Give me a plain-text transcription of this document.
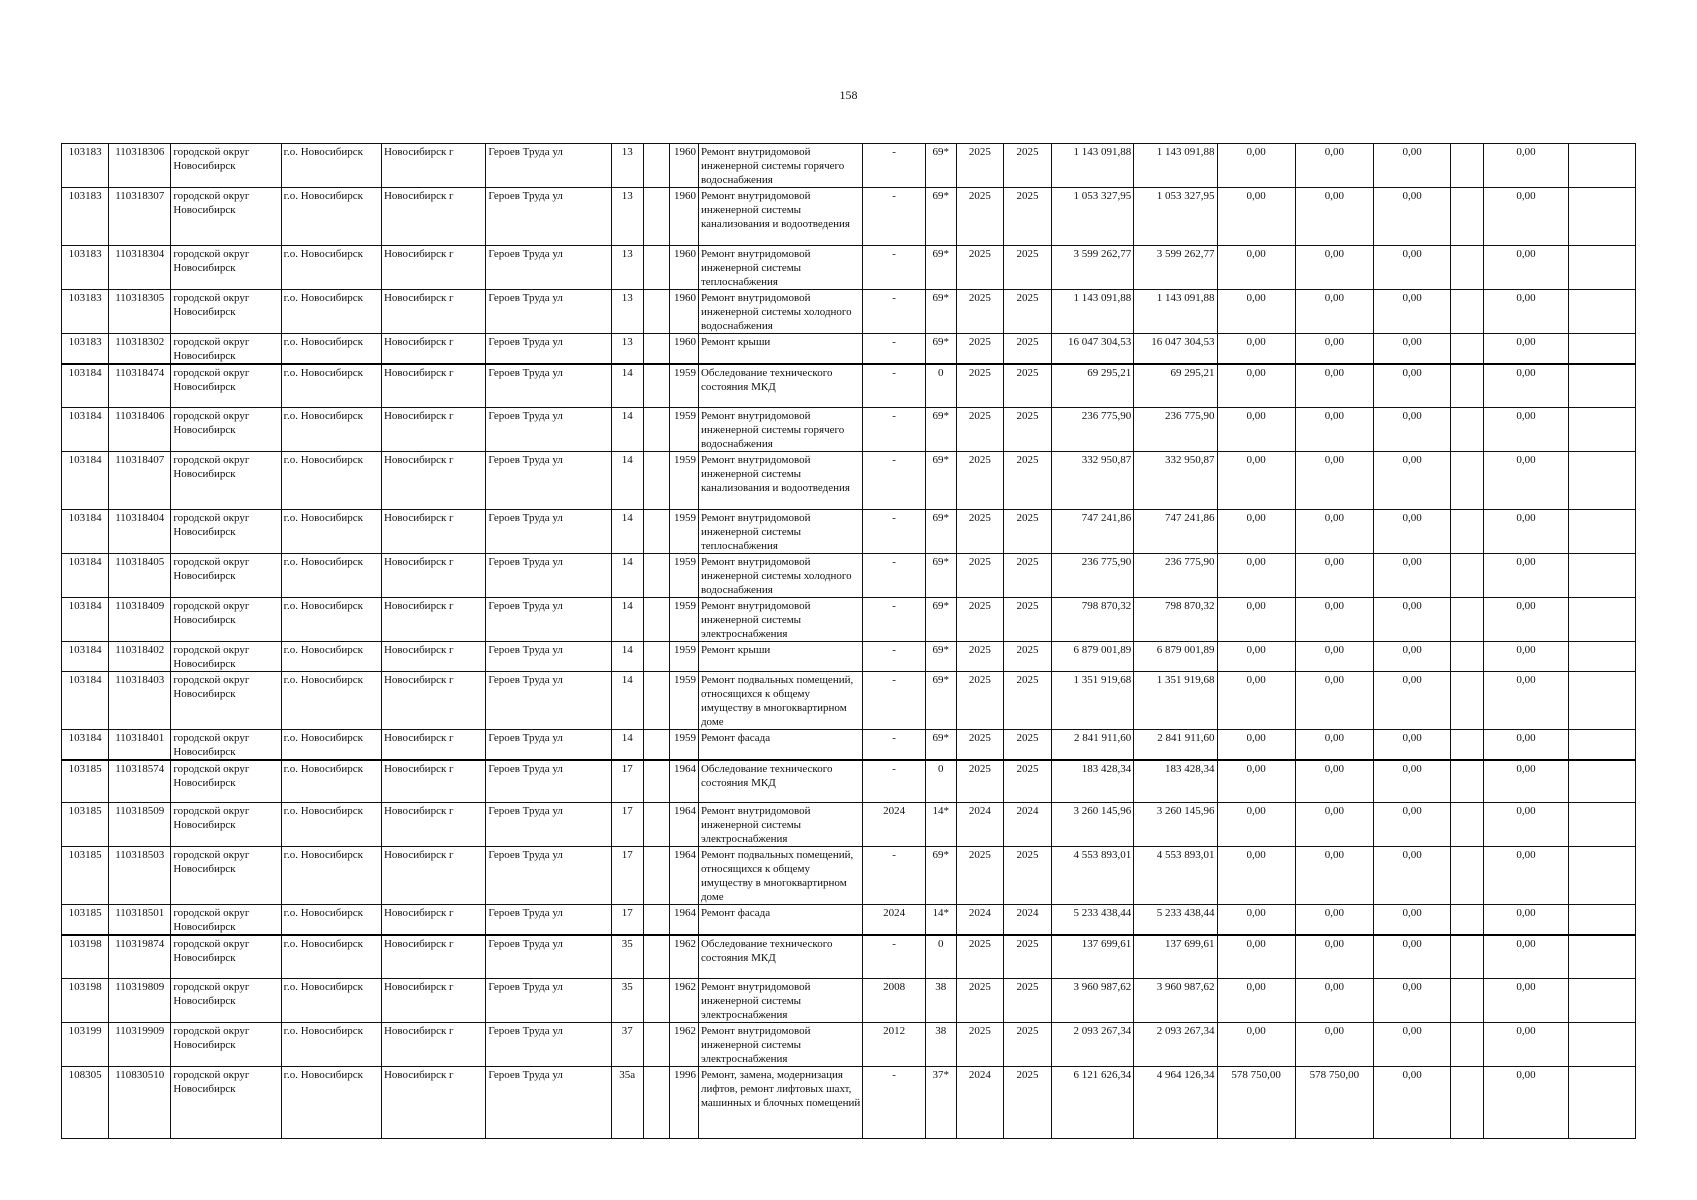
158
103183	110318306	городской округ Новосибирск	г.о. Новосибирск	Новосибирск г	Героев Труда ул	13		1960	Ремонт внутридомовой инженерной системы горячего водоснабжения	-	69*	2025	2025	1 143 091,88	1 143 091,88	0,00	0,00	0,00		0,00	
103183	110318307	городской округ Новосибирск	г.о. Новосибирск	Новосибирск г	Героев Труда ул	13		1960	Ремонт внутридомовой инженерной системы канализования и водоотведения	-	69*	2025	2025	1 053 327,95	1 053 327,95	0,00	0,00	0,00		0,00	
103183	110318304	городской округ Новосибирск	г.о. Новосибирск	Новосибирск г	Героев Труда ул	13		1960	Ремонт внутридомовой инженерной системы теплоснабжения	-	69*	2025	2025	3 599 262,77	3 599 262,77	0,00	0,00	0,00		0,00	
103183	110318305	городской округ Новосибирск	г.о. Новосибирск	Новосибирск г	Героев Труда ул	13		1960	Ремонт внутридомовой инженерной системы холодного водоснабжения	-	69*	2025	2025	1 143 091,88	1 143 091,88	0,00	0,00	0,00		0,00	
103183	110318302	городской округ Новосибирск	г.о. Новосибирск	Новосибирск г	Героев Труда ул	13		1960	Ремонт крыши	-	69*	2025	2025	16 047 304,53	16 047 304,53	0,00	0,00	0,00		0,00	
103184	110318474	городской округ Новосибирск	г.о. Новосибирск	Новосибирск г	Героев Труда ул	14		1959	Обследование технического состояния МКД	-	0	2025	2025	69 295,21	69 295,21	0,00	0,00	0,00		0,00	
103184	110318406	городской округ Новосибирск	г.о. Новосибирск	Новосибирск г	Героев Труда ул	14		1959	Ремонт внутридомовой инженерной системы горячего водоснабжения	-	69*	2025	2025	236 775,90	236 775,90	0,00	0,00	0,00		0,00	
103184	110318407	городской округ Новосибирск	г.о. Новосибирск	Новосибирск г	Героев Труда ул	14		1959	Ремонт внутридомовой инженерной системы канализования и водоотведения	-	69*	2025	2025	332 950,87	332 950,87	0,00	0,00	0,00		0,00	
103184	110318404	городской округ Новосибирск	г.о. Новосибирск	Новосибирск г	Героев Труда ул	14		1959	Ремонт внутридомовой инженерной системы теплоснабжения	-	69*	2025	2025	747 241,86	747 241,86	0,00	0,00	0,00		0,00	
103184	110318405	городской округ Новосибирск	г.о. Новосибирск	Новосибирск г	Героев Труда ул	14		1959	Ремонт внутридомовой инженерной системы холодного водоснабжения	-	69*	2025	2025	236 775,90	236 775,90	0,00	0,00	0,00		0,00	
103184	110318409	городской округ Новосибирск	г.о. Новосибирск	Новосибирск г	Героев Труда ул	14		1959	Ремонт внутридомовой инженерной системы электроснабжения	-	69*	2025	2025	798 870,32	798 870,32	0,00	0,00	0,00		0,00	
103184	110318402	городской округ Новосибирск	г.о. Новосибирск	Новосибирск г	Героев Труда ул	14		1959	Ремонт крыши	-	69*	2025	2025	6 879 001,89	6 879 001,89	0,00	0,00	0,00		0,00	
103184	110318403	городской округ Новосибирск	г.о. Новосибирск	Новосибирск г	Героев Труда ул	14		1959	Ремонт подвальных помещений, относящихся к общему имуществу в многоквартирном доме	-	69*	2025	2025	1 351 919,68	1 351 919,68	0,00	0,00	0,00		0,00	
103184	110318401	городской округ Новосибирск	г.о. Новосибирск	Новосибирск г	Героев Труда ул	14		1959	Ремонт фасада	-	69*	2025	2025	2 841 911,60	2 841 911,60	0,00	0,00	0,00		0,00	
103185	110318574	городской округ Новосибирск	г.о. Новосибирск	Новосибирск г	Героев Труда ул	17		1964	Обследование технического состояния МКД	-	0	2025	2025	183 428,34	183 428,34	0,00	0,00	0,00		0,00	
103185	110318509	городской округ Новосибирск	г.о. Новосибирск	Новосибирск г	Героев Труда ул	17		1964	Ремонт внутридомовой инженерной системы электроснабжения	2024	14*	2024	2024	3 260 145,96	3 260 145,96	0,00	0,00	0,00		0,00	
103185	110318503	городской округ Новосибирск	г.о. Новосибирск	Новосибирск г	Героев Труда ул	17		1964	Ремонт подвальных помещений, относящихся к общему имуществу в многоквартирном доме	-	69*	2025	2025	4 553 893,01	4 553 893,01	0,00	0,00	0,00		0,00	
103185	110318501	городской округ Новосибирск	г.о. Новосибирск	Новосибирск г	Героев Труда ул	17		1964	Ремонт фасада	2024	14*	2024	2024	5 233 438,44	5 233 438,44	0,00	0,00	0,00		0,00	
103198	110319874	городской округ Новосибирск	г.о. Новосибирск	Новосибирск г	Героев Труда ул	35		1962	Обследование технического состояния МКД	-	0	2025	2025	137 699,61	137 699,61	0,00	0,00	0,00		0,00	
103198	110319809	городской округ Новосибирск	г.о. Новосибирск	Новосибирск г	Героев Труда ул	35		1962	Ремонт внутридомовой инженерной системы электроснабжения	2008	38	2025	2025	3 960 987,62	3 960 987,62	0,00	0,00	0,00		0,00	
103199	110319909	городской округ Новосибирск	г.о. Новосибирск	Новосибирск г	Героев Труда ул	37		1962	Ремонт внутридомовой инженерной системы электроснабжения	2012	38	2025	2025	2 093 267,34	2 093 267,34	0,00	0,00	0,00		0,00	
108305	110830510	городской округ Новосибирск	г.о. Новосибирск	Новосибирск г	Героев Труда ул	35а		1996	Ремонт, замена, модернизация лифтов, ремонт лифтовых шахт, машинных и блочных помещений	-	37*	2024	2025	6 121 626,34	4 964 126,34	578 750,00	578 750,00	0,00		0,00	
